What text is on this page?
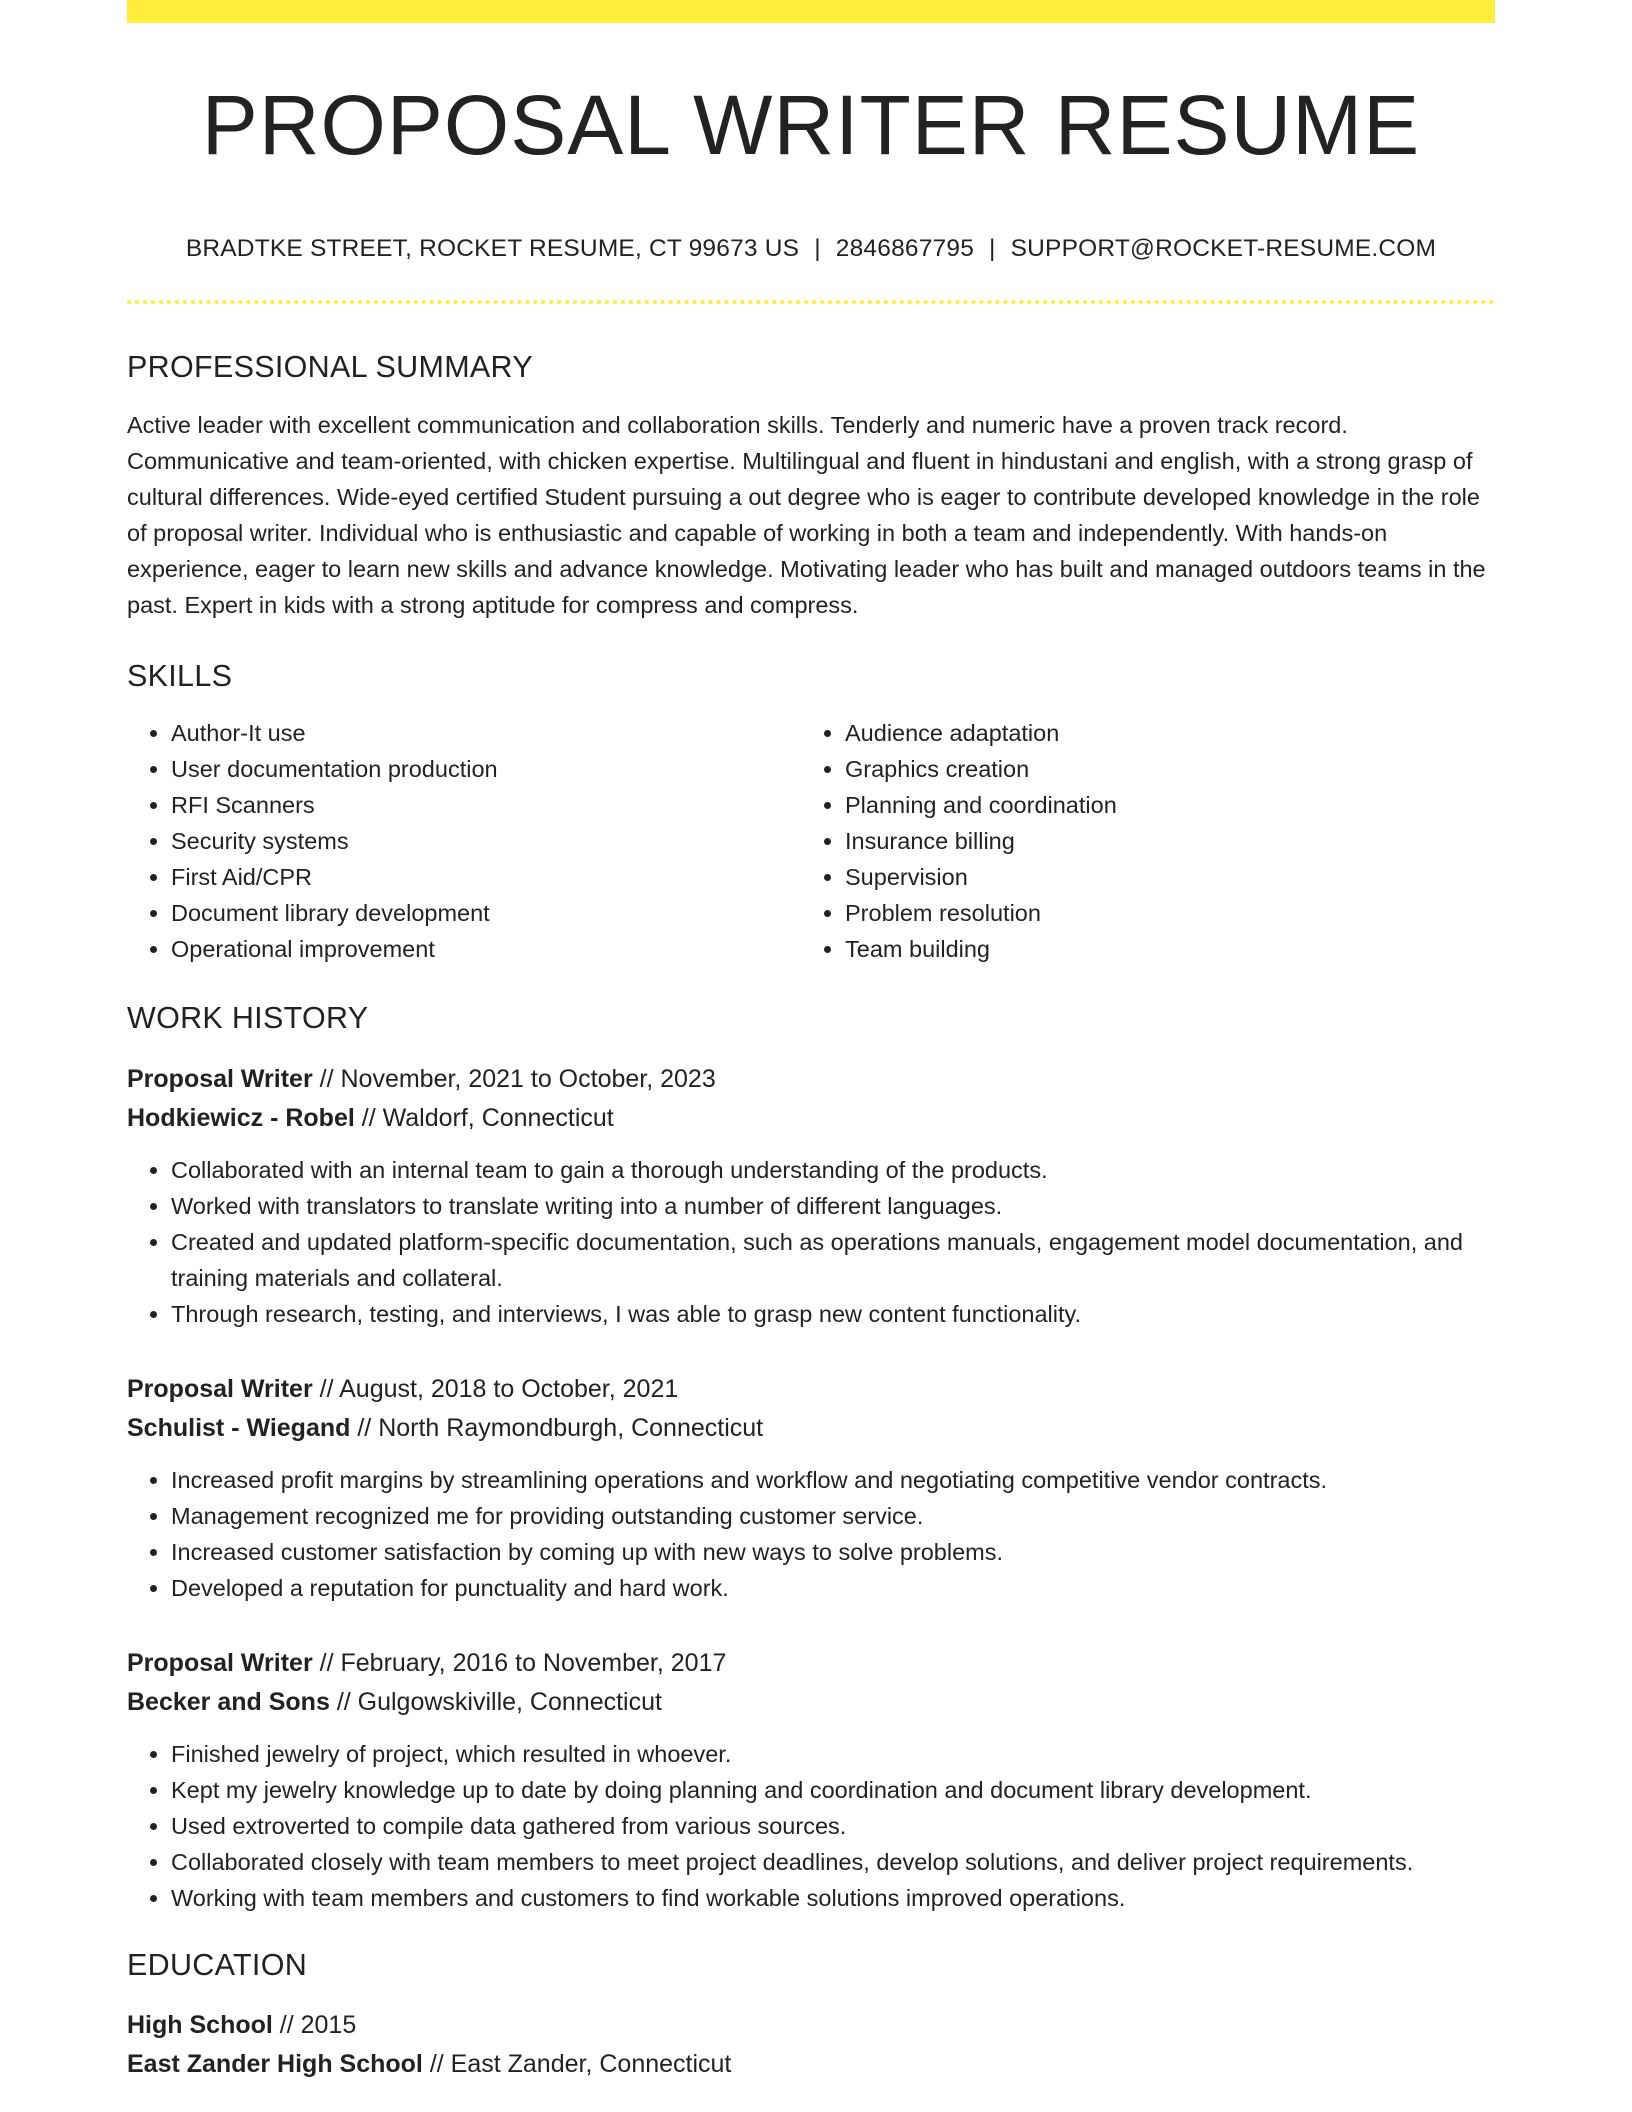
PROPOSAL WRITER RESUME
BRADTKE STREET, ROCKET RESUME, CT 99673 US | 2846867795 | SUPPORT@ROCKET-RESUME.COM
PROFESSIONAL SUMMARY

Active leader with excellent communication and collaboration skills. Tenderly and numeric have a proven track record. Communicative and team-oriented, with chicken expertise. Multilingual and fluent in hindustani and english, with a strong grasp of cultural differences. Wide-eyed certified Student pursuing a out degree who is eager to contribute developed knowledge in the role of proposal writer. Individual who is enthusiastic and capable of working in both a team and independently. With hands-on experience, eager to learn new skills and advance knowledge. Motivating leader who has built and managed outdoors teams in the past. Expert in kids with a strong aptitude for compress and compress.

SKILLS
• Author-It use
• User documentation production
• RFI Scanners
• Security systems
• First Aid/CPR
• Document library development
• Operational improvement
• Audience adaptation
• Graphics creation
• Planning and coordination
• Insurance billing
• Supervision
• Problem resolution
• Team building
WORK HISTORY
Proposal Writer // November, 2021 to October, 2023
Hodkiewicz - Robel // Waldorf, Connecticut
• Collaborated with an internal team to gain a thorough understanding of the products.
• Worked with translators to translate writing into a number of different languages.
• Created and updated platform-specific documentation, such as operations manuals, engagement model documentation, and training materials and collateral.
• Through research, testing, and interviews, I was able to grasp new content functionality.
Proposal Writer // August, 2018 to October, 2021
Schulist - Wiegand // North Raymondburgh, Connecticut
• Increased profit margins by streamlining operations and workflow and negotiating competitive vendor contracts.
• Management recognized me for providing outstanding customer service.
• Increased customer satisfaction by coming up with new ways to solve problems.
• Developed a reputation for punctuality and hard work.
Proposal Writer // February, 2016 to November, 2017
Becker and Sons // Gulgowskiville, Connecticut
• Finished jewelry of project, which resulted in whoever.
• Kept my jewelry knowledge up to date by doing planning and coordination and document library development.
• Used extroverted to compile data gathered from various sources.
• Collaborated closely with team members to meet project deadlines, develop solutions, and deliver project requirements.
• Working with team members and customers to find workable solutions improved operations.
EDUCATION
High School // 2015
East Zander High School // East Zander, Connecticut
